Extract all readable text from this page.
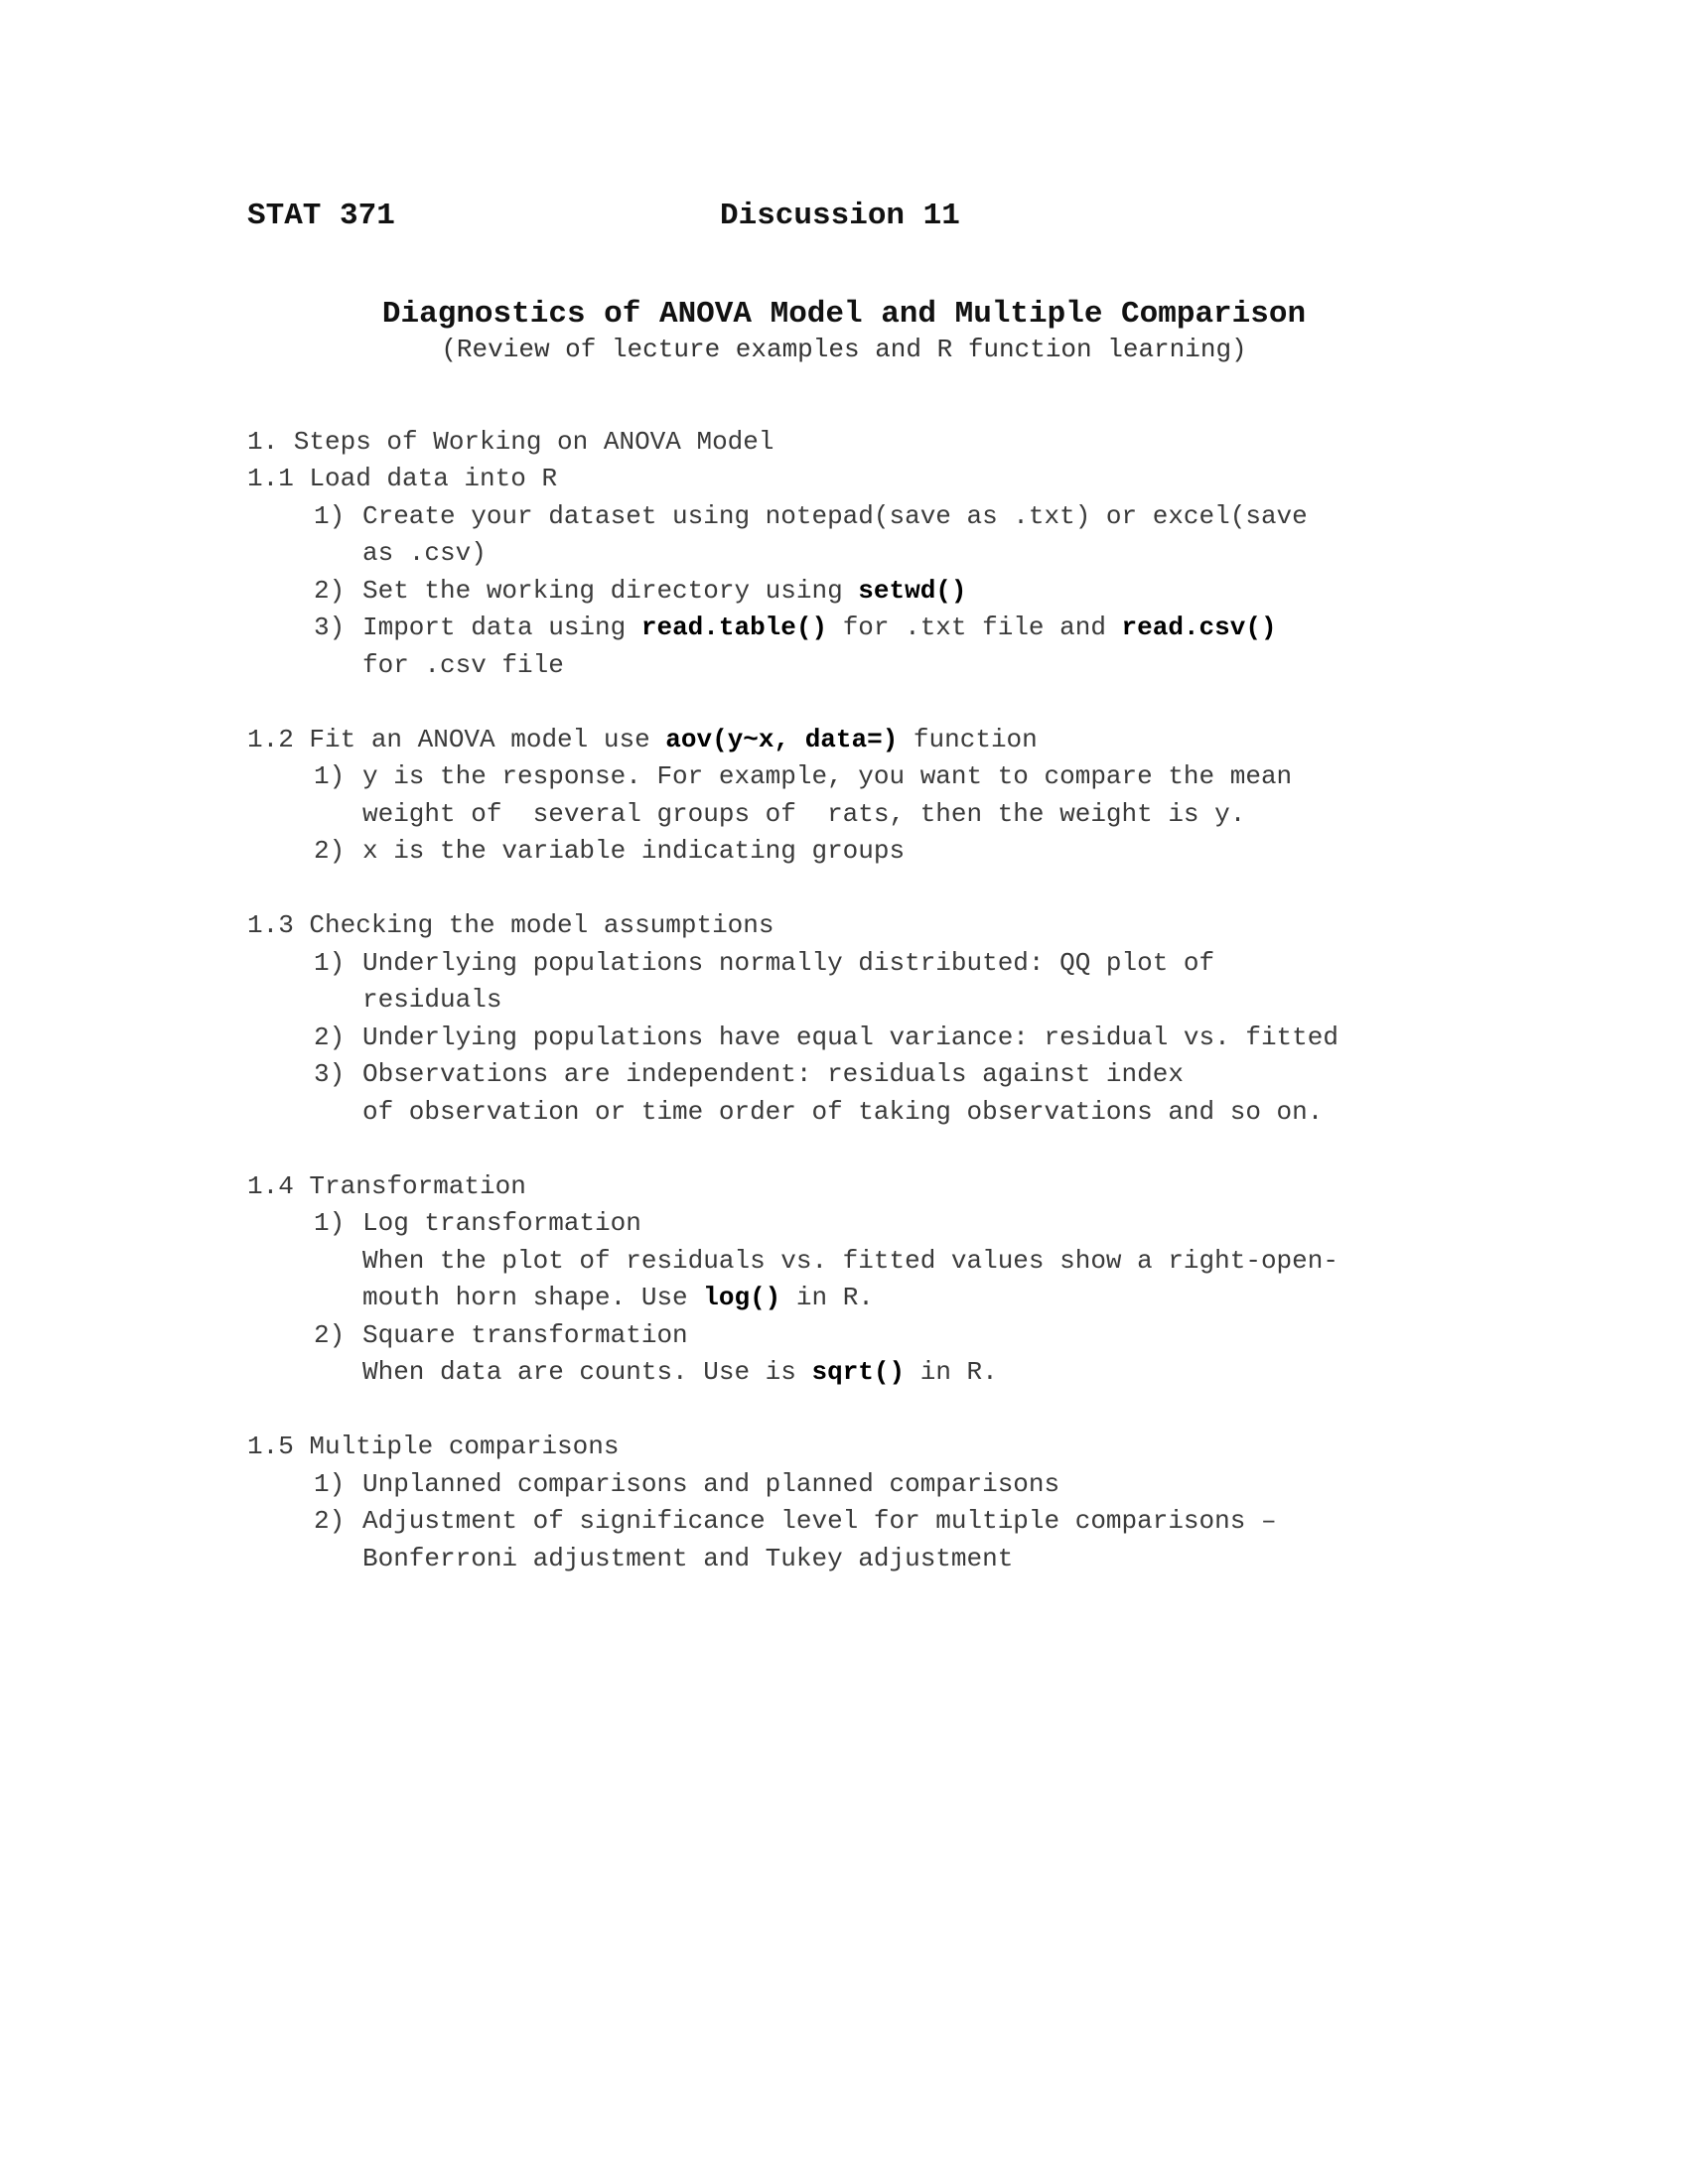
STAT 371	Discussion 11
Diagnostics of ANOVA Model and Multiple Comparison
(Review of lecture examples and R function learning)
1. Steps of Working on ANOVA Model
1.1 Load data into R
1) Create your dataset using notepad(save as .txt) or excel(save
as .csv)
2) Set the working directory using setwd()
3) Import data using read.table() for .txt file and read.csv()
for .csv file
1.2 Fit an ANOVA model use aov(y~x, data=) function
1) y is the response. For example, you want to compare the mean
weight of  several groups of  rats, then the weight is y.
2) x is the variable indicating groups
1.3 Checking the model assumptions
1) Underlying populations normally distributed: QQ plot of
residuals
2) Underlying populations have equal variance: residual vs. fitted
3) Observations are independent: residuals against index
of observation or time order of taking observations and so on.
1.4 Transformation
1) Log transformation
When the plot of residuals vs. fitted values show a right-open-
mouth horn shape. Use log() in R.
2) Square transformation
When data are counts. Use is sqrt() in R.
1.5 Multiple comparisons
1) Unplanned comparisons and planned comparisons
2) Adjustment of significance level for multiple comparisons –
Bonferroni adjustment and Tukey adjustment
